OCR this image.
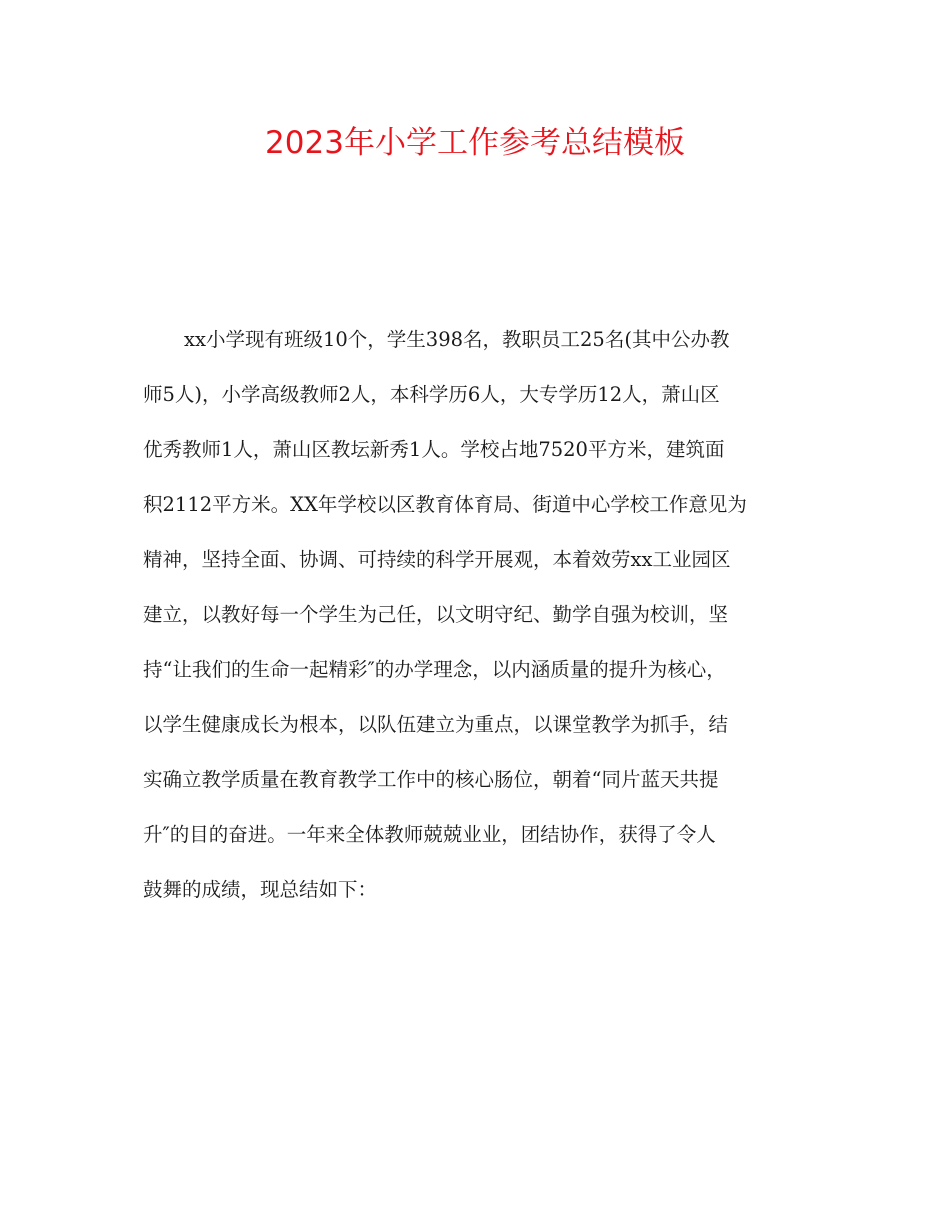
2023年小学工作参考总结模板
xx小学现有班级10个，学生398名，教职员工25名(其中公办教
师5人)，小学高级教师2人，本科学历6人，大专学历12人，萧山区
优秀教师1人，萧山区教坛新秀1人。学校占地7520平方米，建筑面
积2112平方米。XX年学校以区教育体育局、街道中心学校工作意见为
精神，坚持全面、协调、可持续的科学开展观，本着效劳xx工业园区
建立，以教好每一个学生为己任，以文明守纪、勤学自强为校训，坚
持“让我们的生命一起精彩″的办学理念，以内涵质量的提升为核心，
以学生健康成长为根本，以队伍建立为重点，以课堂教学为抓手，结
实确立教学质量在教育教学工作中的核心肠位，朝着“同片蓝天共提
升″的目的奋进。一年来全体教师兢兢业业，团结协作，获得了令人
鼓舞的成绩，现总结如下：
